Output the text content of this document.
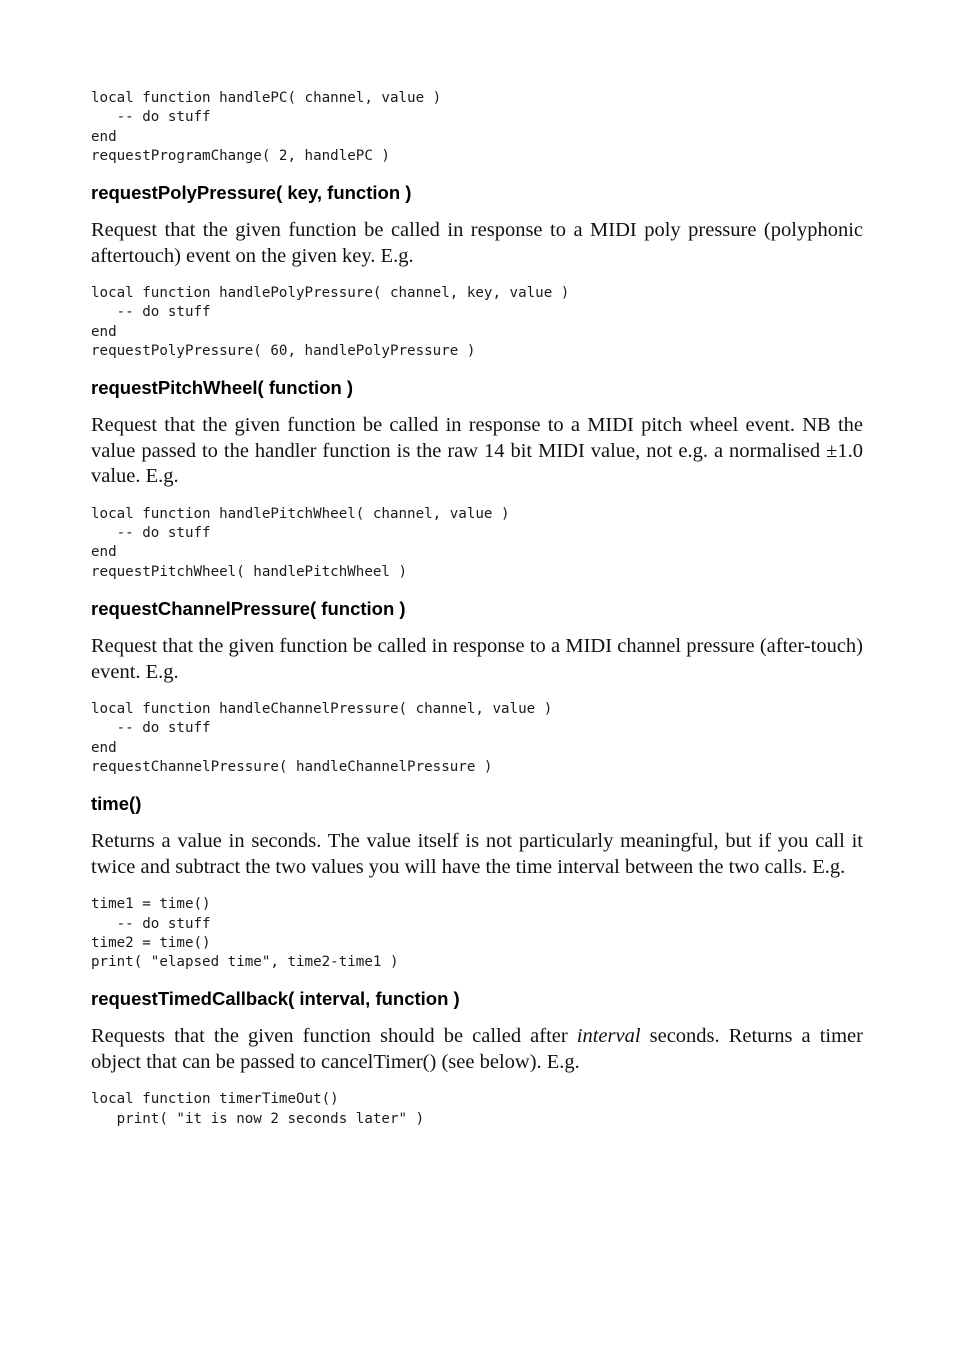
local function handlePC( channel, value )
-- do stuff
end
requestProgramChange( 2, handlePC )
requestPolyPressure( key, function )

Request that the given function be called in response to a MIDI poly pressure (polyphonic aftertouch) event on the given key. E.g.

local function handlePolyPressure( channel, key, value )
-- do stuff
end
requestPolyPressure( 60, handlePolyPressure )
requestPitchWheel( function )

Request that the given function be called in response to a MIDI pitch wheel event. NB the value passed to the handler function is the raw 14 bit MIDI value, not e.g. a normalised ±1.0 value. E.g.

local function handlePitchWheel( channel, value )
-- do stuff
end
requestPitchWheel( handlePitchWheel )
requestChannelPressure( function )

Request that the given function be called in response to a MIDI channel pressure (after-touch) event. E.g.

local function handleChannelPressure( channel, value )
-- do stuff
end
requestChannelPressure( handleChannelPressure )
time()

Returns a value in seconds. The value itself is not particularly meaningful, but if you call it twice and subtract the two values you will have the time interval between the two calls. E.g.

time1 = time()
-- do stuff
time2 = time()
print( "elapsed time", time2-time1 )
requestTimedCallback( interval, function )

Requests that the given function should be called after interval seconds. Returns a timer object that can be passed to cancelTimer() (see below). E.g.

local function timerTimeOut()
print( "it is now 2 seconds later" )
